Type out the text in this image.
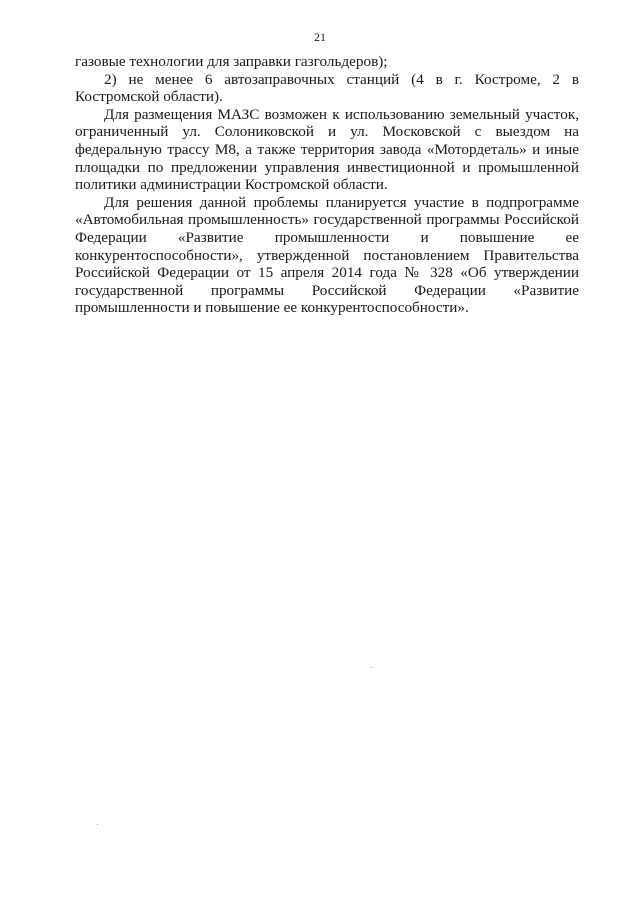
21

газовые технологии для заправки газгольдеров);

2) не менее 6 автозаправочных станций (4 в г. Костроме, 2 в Костромской области).

Для размещения МАЗС возможен к использованию земельный участок, ограниченный ул. Солониковской и ул. Московской с выездом на федеральную трассу М8, а также территория завода «Мотордеталь» и иные площадки по предложении управления инвестиционной и промышленной политики администрации Костромской области.

Для решения данной проблемы планируется участие в подпрограмме «Автомобильная промышленность» государственной программы Российской Федерации «Развитие промышленности и повышение ее конкурентоспособности», утвержденной постановлением Правительства Российской Федерации от 15 апреля 2014 года № 328 «Об утверждении государственной программы Российской Федерации «Развитие промышленности и повышение ее конкурентоспособности».
